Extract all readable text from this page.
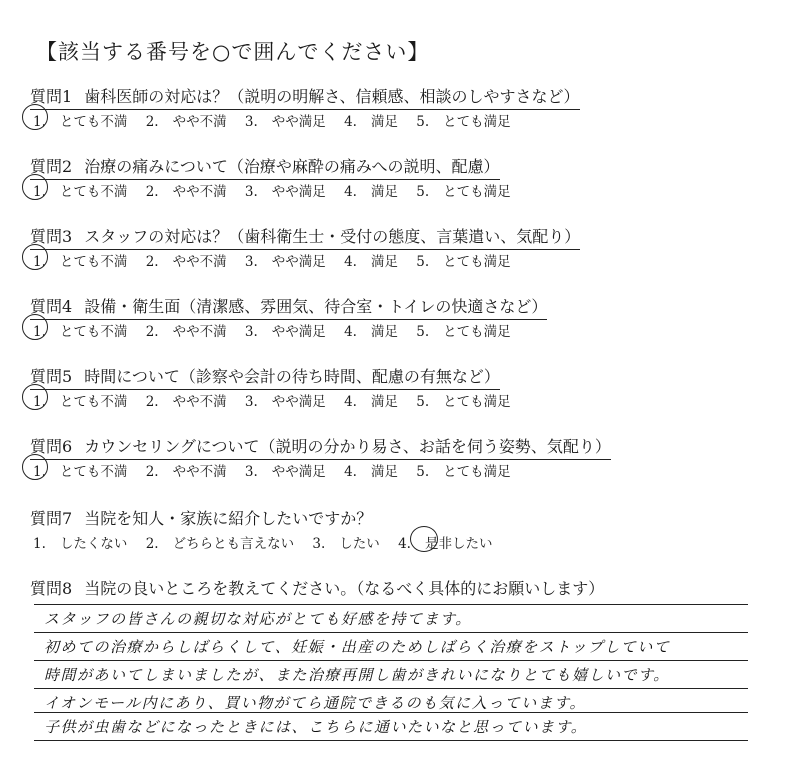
【該当する番号を○で囲んでください】
質問1 歯科医師の対応は？（説明の明解さ、信頼感、相談のしやすさなど）
1. とても不満 2. やや不満 3. やや満足 4. 満足 5. とても満足
質問2 治療の痛みについて（治療や麻酔の痛みへの説明、配慮）
1. とても不満 2. やや不満 3. やや満足 4. 満足 5. とても満足
質問3 スタッフの対応は？（歯科衛生士・受付の態度、言葉遣い、気配り）
1. とても不満 2. やや不満 3. やや満足 4. 満足 5. とても満足
質問4 設備・衛生面（清潔感、雰囲気、待合室・トイレの快適さなど）
1. とても不満 2. やや不満 3. やや満足 4. 満足 5. とても満足
質問5 時間について（診察や会計の待ち時間、配慮の有無など）
1. とても不満 2. やや不満 3. やや満足 4. 満足 5. とても満足
質問6 カウンセリングについて（説明の分かり易さ、お話を伺う姿勢、気配り）
1. とても不満 2. やや不満 3. やや満足 4. 満足 5. とても満足
質問7 当院を知人・家族に紹介したいですか？
1. したくない 2. どちらとも言えない 3. したい 4. 是非したい
質問8 当院の良いところを教えてください。（なるべく具体的にお願いします）
スタッフの皆さんの親切な対応がとても好感を持てます。
初めての治療からしばらくして、妊娠・出産のためしばらく治療をストップしていて
時間があいてしまいましたが、また治療再開し歯がきれいになりとても嬉しいです。
イオンモール内にあり、買い物がてら通院できるのも気に入っています。
子供が虫歯などになったときには、こちらに通いたいなと思っています。
